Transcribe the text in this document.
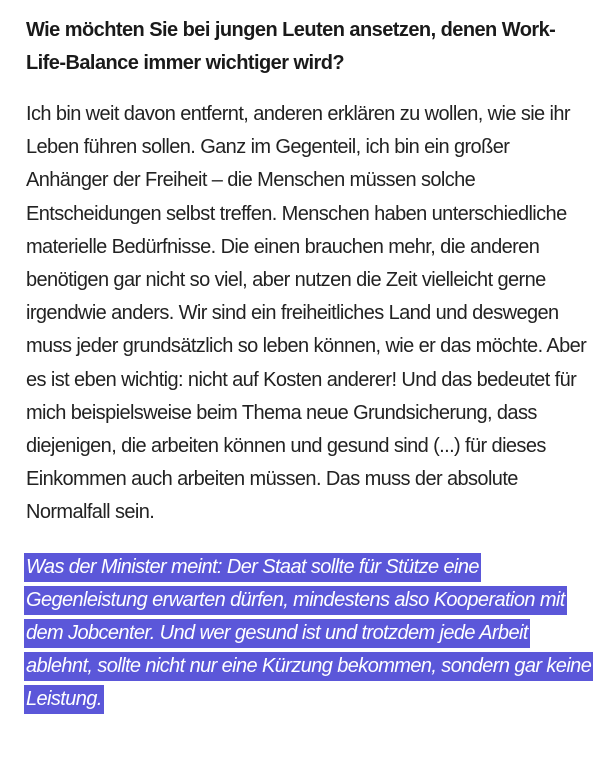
Wie möchten Sie bei jungen Leuten ansetzen, denen Work-Life-Balance immer wichtiger wird?

Ich bin weit davon entfernt, anderen erklären zu wollen, wie sie ihr Leben führen sollen. Ganz im Gegenteil, ich bin ein großer Anhänger der Freiheit – die Menschen müssen solche Entscheidungen selbst treffen. Menschen haben unterschiedliche materielle Bedürfnisse. Die einen brauchen mehr, die anderen benötigen gar nicht so viel, aber nutzen die Zeit vielleicht gerne irgendwie anders. Wir sind ein freiheitliches Land und deswegen muss jeder grundsätzlich so leben können, wie er das möchte. Aber es ist eben wichtig: nicht auf Kosten anderer! Und das bedeutet für mich beispielsweise beim Thema neue Grundsicherung, dass diejenigen, die arbeiten können und gesund sind (...) für dieses Einkommen auch arbeiten müssen. Das muss der absolute Normalfall sein.

Was der Minister meint: Der Staat sollte für Stütze eine Gegenleistung erwarten dürfen, mindestens also Kooperation mit dem Jobcenter. Und wer gesund ist und trotzdem jede Arbeit ablehnt, sollte nicht nur eine Kürzung bekommen, sondern gar keine Leistung.
